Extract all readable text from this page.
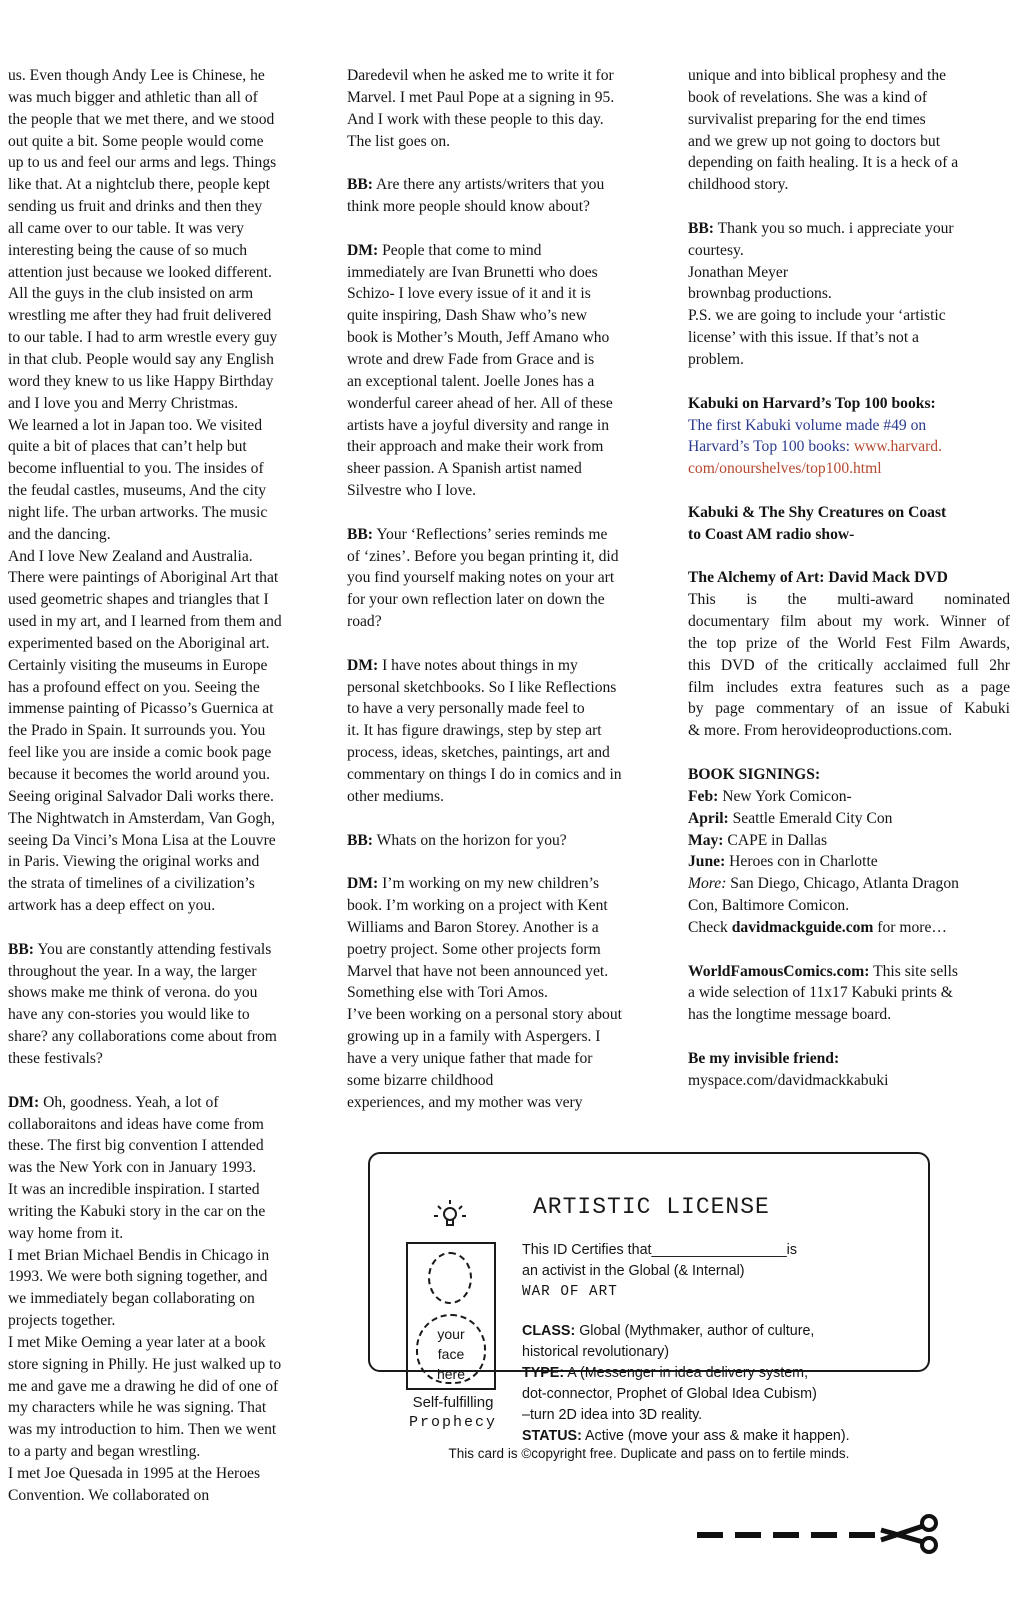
us. Even though Andy Lee is Chinese, he

was much bigger and athletic than all of

the people that we met there, and we stood

out quite a bit. Some people would come

up to us and feel our arms and legs. Things

like that. At a nightclub there, people kept

sending us fruit and drinks and then they

all came over to our table. It was very

interesting being the cause of so much

attention just because we looked different.

All the guys in the club insisted on arm

wrestling me after they had fruit delivered

to our table. I had to arm wrestle every guy

in that club. People would say any English

word they knew to us like Happy Birthday

and I love you and Merry Christmas.

We learned a lot in Japan too. We visited

quite a bit of places that can’t help but

become influential to you. The insides of

the feudal castles, museums, And the city

night life. The urban artworks. The music

and the dancing.

And I love New Zealand and Australia.

There were paintings of Aboriginal Art that

used geometric shapes and triangles that I

used in my art, and I learned from them and

experimented based on the Aboriginal art.

Certainly visiting the museums in Europe

has a profound effect on you. Seeing the

immense painting of Picasso’s Guernica at

the Prado in Spain. It surrounds you. You

feel like you are inside a comic book page

because it becomes the world around you.

Seeing original Salvador Dali works there.

The Nightwatch in Amsterdam, Van Gogh,

seeing Da Vinci’s Mona Lisa at the Louvre

in Paris. Viewing the original works and

the strata of timelines of a civilization’s

artwork has a deep effect on you.

BB: You are constantly attending festivals

throughout the year. In a way, the larger

shows make me think of verona. do you

have any con-stories you would like to

share? any collaborations come about from

these festivals?

DM: Oh, goodness. Yeah, a lot of

collaboraitons and ideas have come from

these. The first big convention I attended

was the New York con in January 1993.

It was an incredible inspiration. I started

writing the Kabuki story in the car on the

way home from it.

I met Brian Michael Bendis in Chicago in

1993. We were both signing together, and

we immediately began collaborating on

projects together.

I met Mike Oeming a year later at a book

store signing in Philly. He just walked up to

me and gave me a drawing he did of one of

my characters while he was signing. That

was my introduction to him. Then we went

to a party and began wrestling.

I met Joe Quesada in 1995 at the Heroes

Convention. We collaborated on

Daredevil when he asked me to write it for

Marvel. I met Paul Pope at a signing in 95.

And I work with these people to this day.

The list goes on.

BB: Are there any artists/writers that you

think more people should know about?

DM: People that come to mind

immediately are Ivan Brunetti who does

Schizo- I love every issue of it and it is

quite inspiring, Dash Shaw who’s new

book is Mother’s Mouth, Jeff Amano who

wrote and drew Fade from Grace and is

an exceptional talent. Joelle Jones has a

wonderful career ahead of her. All of these

artists have a joyful diversity and range in

their approach and make their work from

sheer passion. A Spanish artist named

Silvestre who I love.

BB: Your ‘Reflections’ series reminds me

of ‘zines’. Before you began printing it, did

you find yourself making notes on your art

for your own reflection later on down the

road?

DM: I have notes about things in my

personal sketchbooks. So I like Reflections

to have a very personally made feel to

it. It has figure drawings, step by step art

process, ideas, sketches, paintings, art and

commentary on things I do in comics and in

other mediums.

BB: Whats on the horizon for you?

DM: I’m working on my new children’s

book. I’m working on a project with Kent

Williams and Baron Storey. Another is a

poetry project. Some other projects form

Marvel that have not been announced yet.

Something else with Tori Amos.

I’ve been working on a personal story about

growing up in a family with Aspergers. I

have a very unique father that made for

some bizarre childhood

experiences, and my mother was very

unique and into biblical prophesy and the

book of revelations. She was a kind of

survivalist preparing for the end times

and we grew up not going to doctors but

depending on faith healing. It is a heck of a

childhood story.

BB: Thank you so much. i appreciate your

courtesy.

Jonathan Meyer

brownbag productions.

P.S. we are going to include your ‘artistic

license’ with this issue. If that’s not a

problem.

Kabuki on Harvard’s Top 100 books:

The first Kabuki volume made #49 on

Harvard’s Top 100 books: www.harvard.

com/onourshelves/top100.html

Kabuki & The Shy Creatures on Coast

to Coast AM radio show-

The Alchemy of Art: David Mack DVD

This is the multi-award nominated

documentary film about my work. Winner of

the top prize of the World Fest Film Awards,

this DVD of the critically acclaimed full 2hr

film includes extra features such as a page

by page commentary of an issue of Kabuki

& more. From herovideoproductions.com.

BOOK SIGNINGS:

Feb: New York Comicon-

April: Seattle Emerald City Con

May: CAPE in Dallas

June: Heroes con in Charlotte

More: San Diego, Chicago, Atlanta Dragon

Con, Baltimore Comicon.

Check davidmackguide.com for more…

WorldFamousComics.com: This site sells

a wide selection of 11x17 Kabuki prints &

has the longtime message board.

Be my invisible friend:

myspace.com/davidmackkabuki

ARTISTIC LICENSE
your
face
here
Self-fulfilling
Prophecy

This ID Certifies that_________________is

an activist in the Global (& Internal)

WAR OF ART

CLASS: Global (Mythmaker, author of culture,

historical revolutionary)

TYPE: A (Messenger in idea delivery system,

dot-connector, Prophet of Global Idea Cubism)

–turn 2D idea into 3D reality.

STATUS: Active (move your ass & make it happen).

This card is ©copyright free. Duplicate and pass on to fertile minds.
